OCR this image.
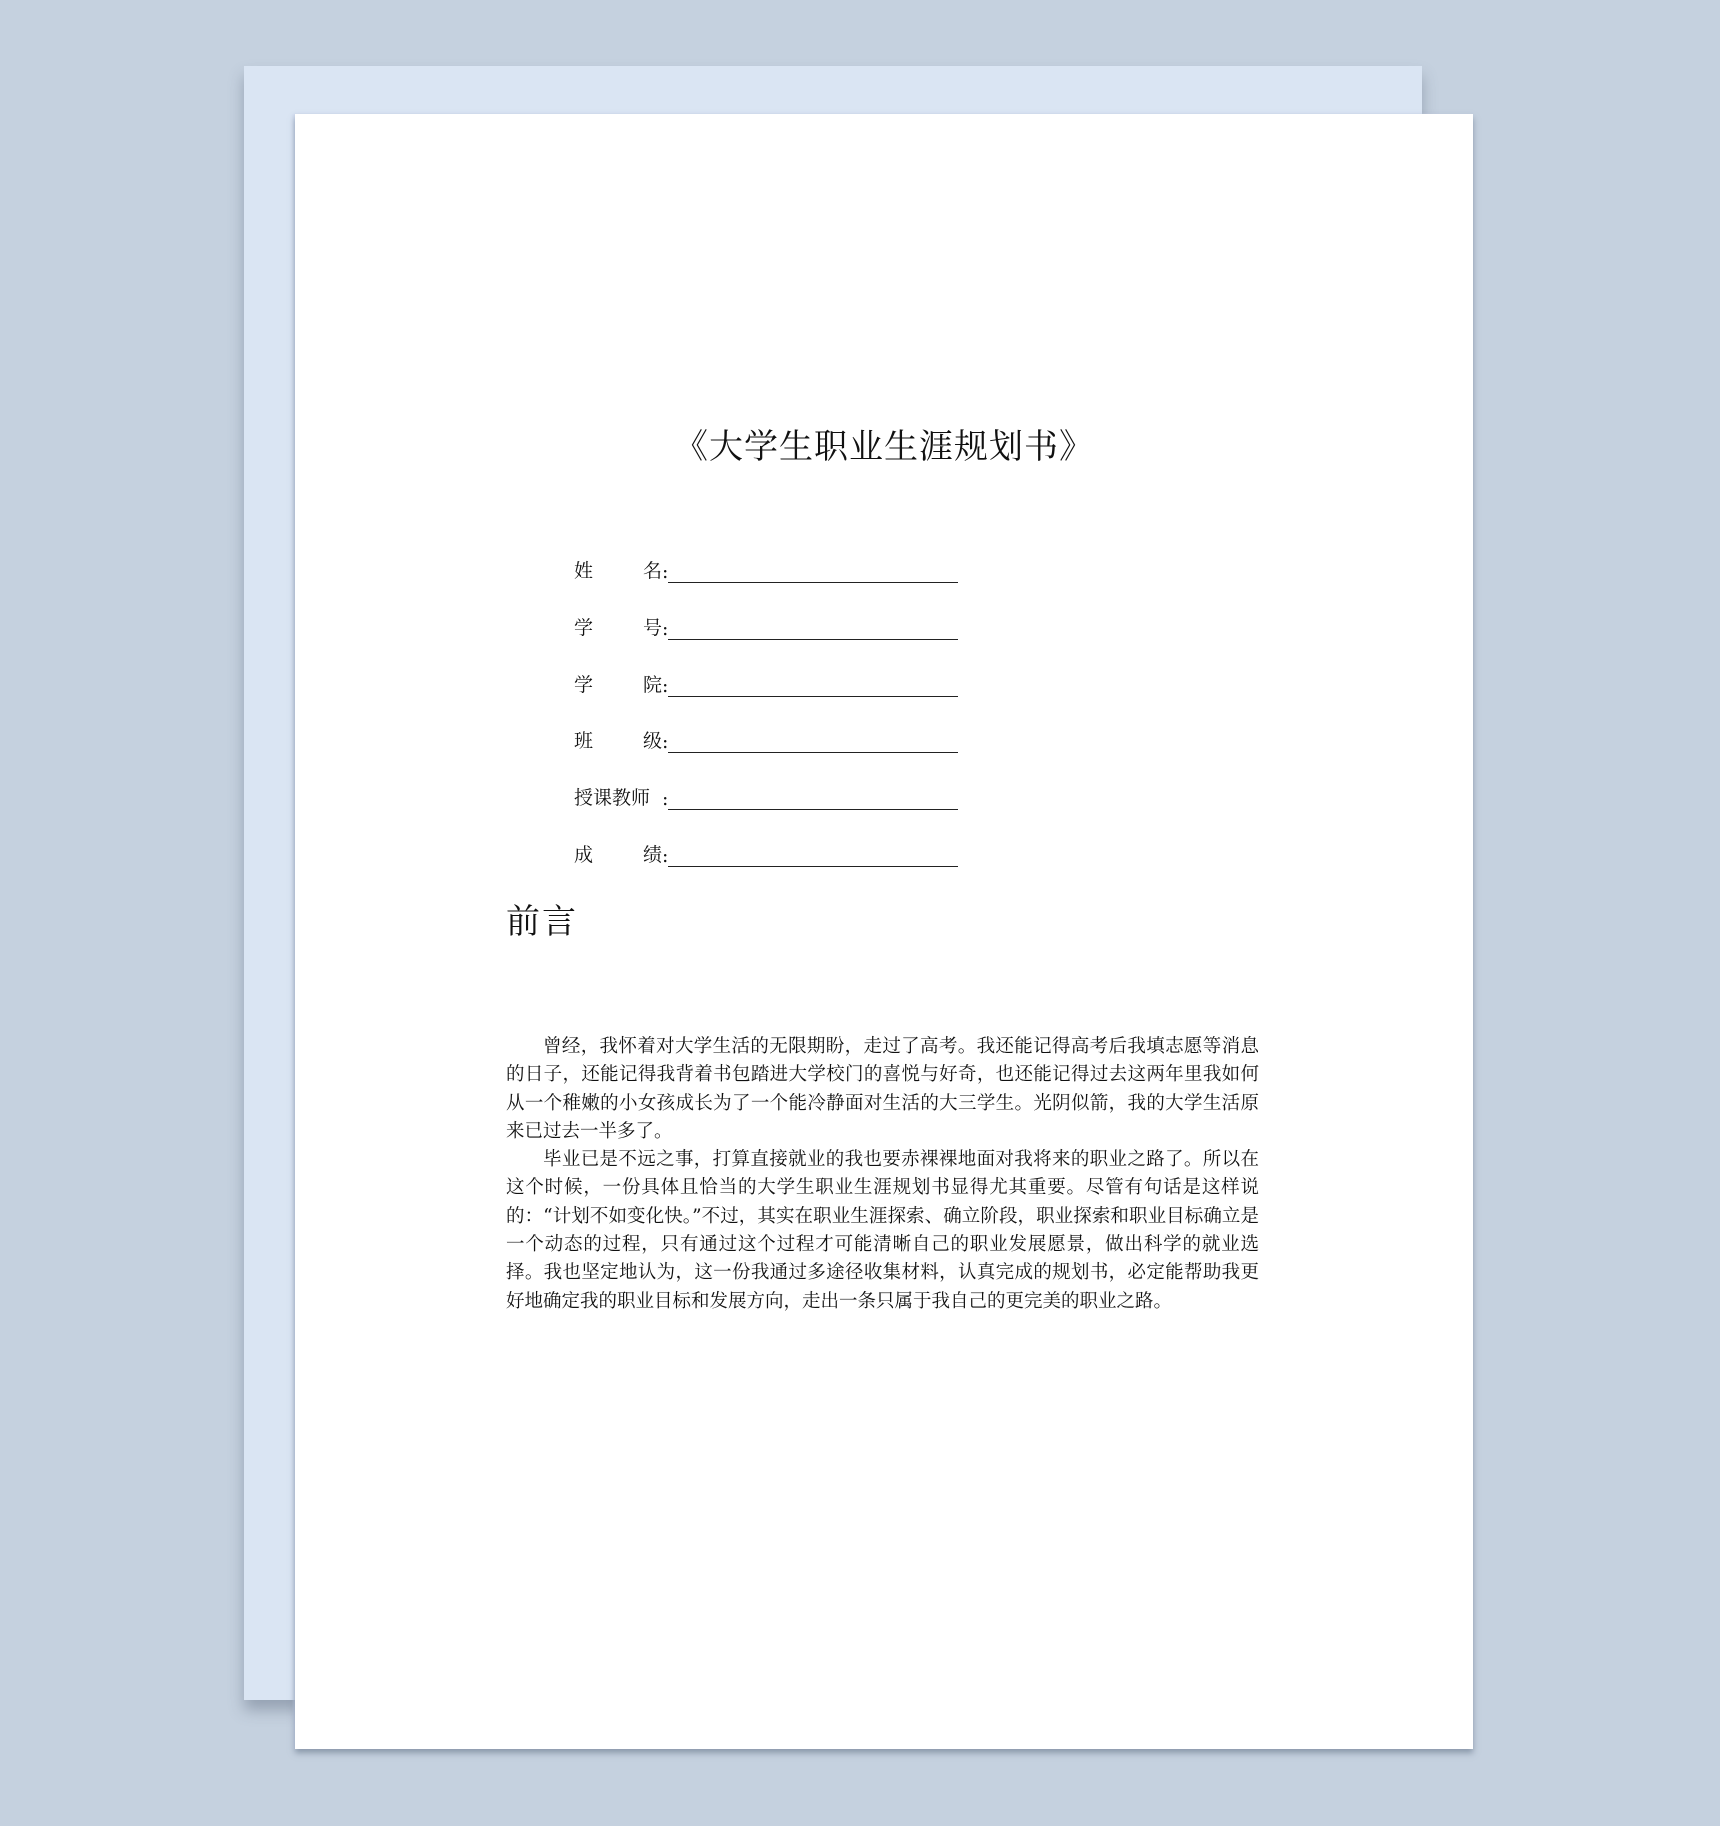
《大学生职业生涯规划书》
姓	名 :
学	号 :
学	院 :
班	级 :
授课教师 :
成	绩 :
前言

曾经，我怀着对大学生活的无限期盼，走过了高考。我还能记得高考后我填志愿等消息的日子，还能记得我背着书包踏进大学校门的喜悦与好奇，也还能记得过去这两年里我如何从一个稚嫩的小女孩成长为了一个能冷静面对生活的大三学生。光阴似箭，我的大学生活原来已过去一半多了。

毕业已是不远之事，打算直接就业的我也要赤裸裸地面对我将来的职业之路了。所以在这个时候，一份具体且恰当的大学生职业生涯规划书显得尤其重要。尽管有句话是这样说的：“计划不如变化快。”不过，其实在职业生涯探索、确立阶段，职业探索和职业目标确立是一个动态的过程，只有通过这个过程才可能清晰自己的职业发展愿景，做出科学的就业选择。我也坚定地认为，这一份我通过多途径收集材料，认真完成的规划书，必定能帮助我更好地确定我的职业目标和发展方向，走出一条只属于我自己的更完美的职业之路。
